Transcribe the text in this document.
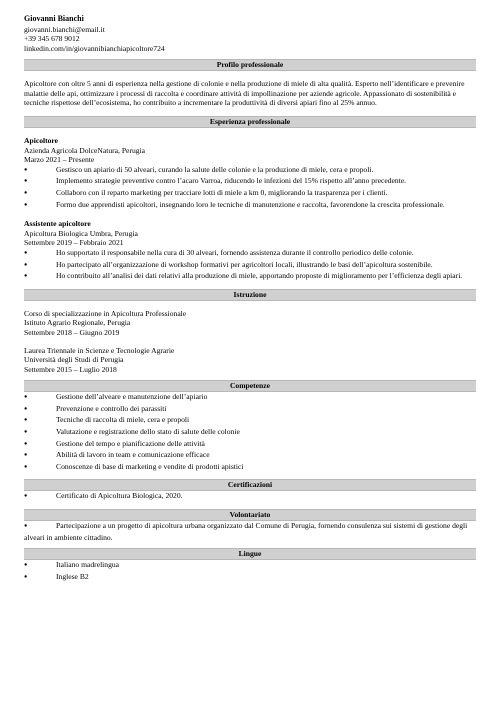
Giovanni Bianchi
giovanni.bianchi@email.it
+39 345 678 9012
linkedin.com/in/giovannibianchiapicoltore724
Profilo professionale
Apicoltore con oltre 5 anni di esperienza nella gestione di colonie e nella produzione di miele di alta qualità. Esperto nell’identificare e prevenire malattie delle api, ottimizzare i processi di raccolta e coordinare attività di impollinazione per aziende agricole. Appassionato di sostenibilità e tecniche rispettose dell’ecosistema, ho contribuito a incrementare la produttività di diversi apiari fino al 25% annuo.
Esperienza professionale
Apicoltore
Azienda Agricola DolceNatura, Perugia
Marzo 2021 – Presente
●Gestisco un apiario di 50 alveari, curando la salute delle colonie e la produzione di miele, cera e propoli.
●Implemento strategie preventive contro l’acaro Varroa, riducendo le infezioni del 15% rispetto all’anno precedente.
●Collaboro con il reparto marketing per tracciare lotti di miele a km 0, migliorando la trasparenza per i clienti.
●Formo due apprendisti apicoltori, insegnando loro le tecniche di manutenzione e raccolta, favorendone la crescita professionale.
Assistente apicoltore
Apicoltura Biologica Umbra, Perugia
Settembre 2019 – Febbraio 2021
●Ho supportato il responsabile nella cura di 30 alveari, fornendo assistenza durante il controllo periodico delle colonie.
●Ho partecipato all’organizzazione di workshop formativi per agricoltori locali, illustrando le basi dell’apicoltura sostenibile.
●Ho contribuito all’analisi dei dati relativi alla produzione di miele, apportando proposte di miglioramento per l’efficienza degli apiari.
Istruzione
Corso di specializzazione in Apicoltura Professionale
Istituto Agrario Regionale, Perugia
Settembre 2018 – Giugno 2019
Laurea Triennale in Scienze e Tecnologie Agrarie
Università degli Studi di Perugia
Settembre 2015 – Luglio 2018
Competenze
●Gestione dell’alveare e manutenzione dell’apiario
●Prevenzione e controllo dei parassiti
●Tecniche di raccolta di miele, cera e propoli
●Valutazione e registrazione dello stato di salute delle colonie
●Gestione del tempo e pianificazione delle attività
●Abilità di lavoro in team e comunicazione efficace
●Conoscenze di base di marketing e vendite di prodotti apistici
Certificazioni
●Certificato di Apicoltura Biologica, 2020.
Volontariato
●Partecipazione a un progetto di apicoltura urbana organizzato dal Comune di Perugia, fornendo consulenza sui sistemi di gestione degli alveari in ambiente cittadino.
Lingue
●Italiano madrelingua
●Inglese B2
